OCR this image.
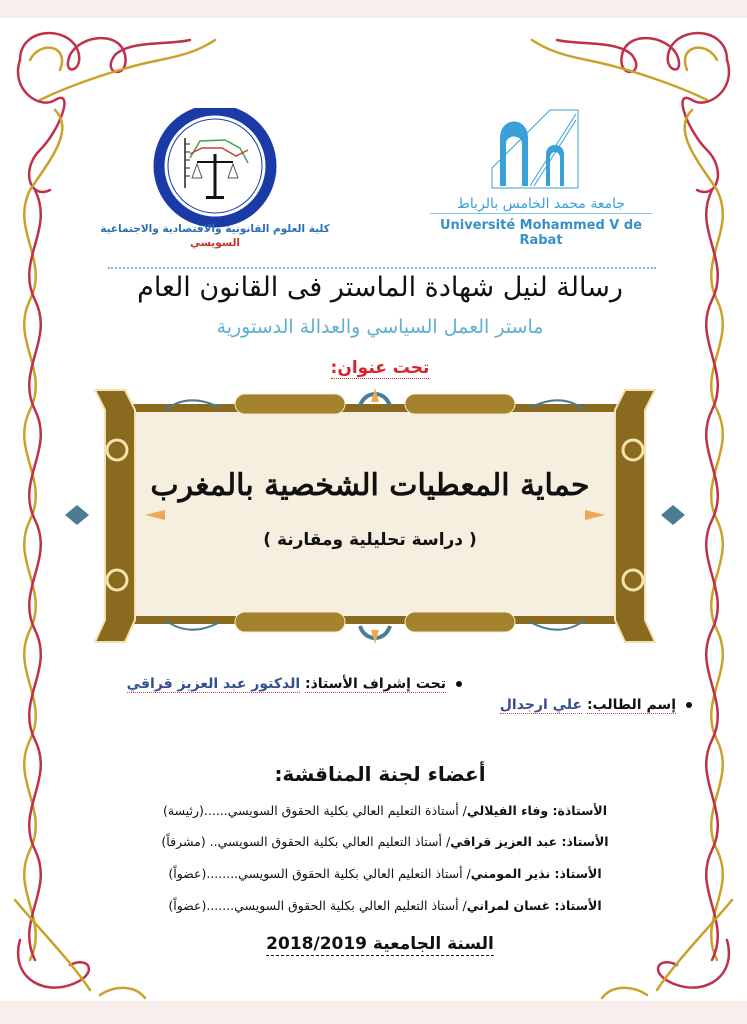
كلية العلوم القانونية والاقتصادية والاجتماعية
السويسي
جامعة محمد الخامس بالرباط
Université Mohammed V de Rabat
رسالة لنيل شهادة الماستر فى القانون العام
ماستر العمل السياسي والعدالة الدستورية
تحت عنوان:
حماية المعطيات الشخصية بالمغرب
( دراسة تحليلية ومقارنة )
تحت إشراف الأستاذ: الدكتور عبد العزيز قراقي
إسم الطالب: علي ارجدال
أعضاء لجنة المناقشة:
الأستاذة: وفاء الفيلالي/ أستاذة التعليم العالي بكلية الحقوق السويسي......(رئيسة)
الأستاذ: عبد العزيز قراقي/ أستاذ التعليم العالي بكلية الحقوق السويسي.. (مشرفاً)
الأستاذ: نذير المومني/ أستاذ التعليم العالي بكلية الحقوق السويسي........(عضواً)
الأستاذ: غسان لمراني/ أستاذ التعليم العالي بكلية الحقوق السويسي.......(عضواً)
السنة الجامعية 2018/2019
